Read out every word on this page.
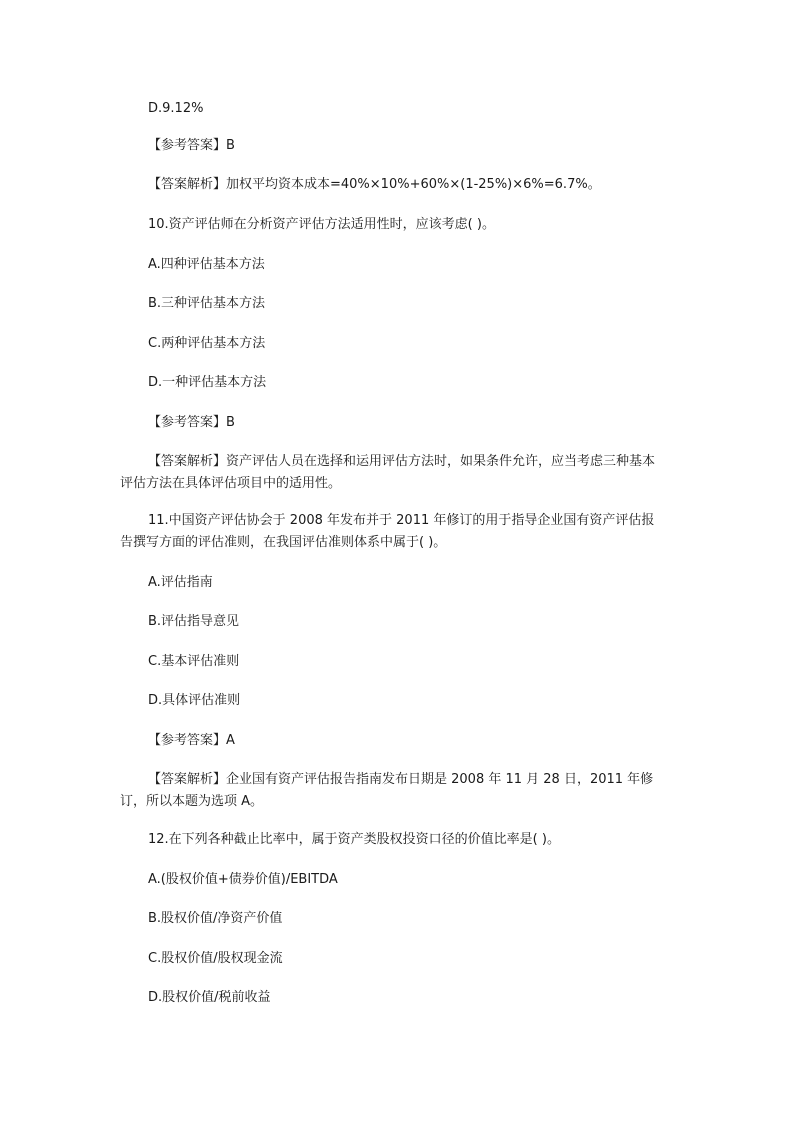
D.9.12%
【参考答案】B
【答案解析】加权平均资本成本=40%×10%+60%×(1-25%)×6%=6.7%。
10.资产评估师在分析资产评估方法适用性时，应该考虑( )。
A.四种评估基本方法
B.三种评估基本方法
C.两种评估基本方法
D.一种评估基本方法
【参考答案】B
【答案解析】资产评估人员在选择和运用评估方法时，如果条件允许，应当考虑三种基本评估方法在具体评估项目中的适用性。
11.中国资产评估协会于 2008 年发布并于 2011 年修订的用于指导企业国有资产评估报告撰写方面的评估准则，在我国评估准则体系中属于( )。
A.评估指南
B.评估指导意见
C.基本评估准则
D.具体评估准则
【参考答案】A
【答案解析】企业国有资产评估报告指南发布日期是 2008 年 11 月 28 日，2011 年修订，所以本题为选项 A。
12.在下列各种截止比率中，属于资产类股权投资口径的价值比率是( )。
A.(股权价值+债券价值)/EBITDA
B.股权价值/净资产价值
C.股权价值/股权现金流
D.股权价值/税前收益
